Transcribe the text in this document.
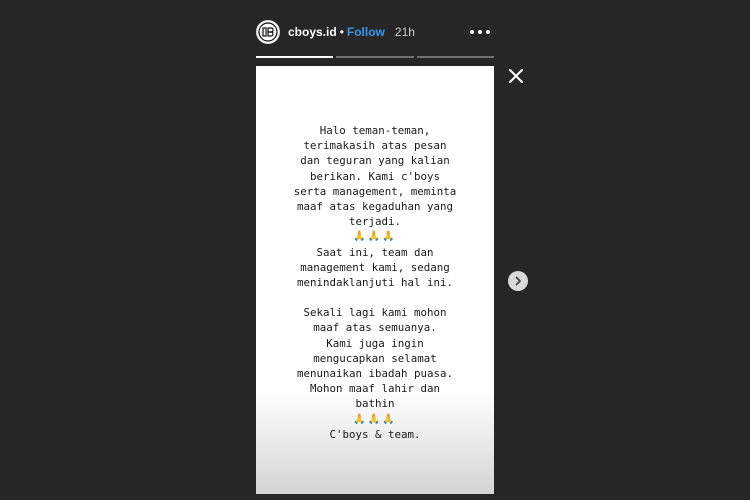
cboys.id • Follow 21h
Halo teman-teman,
terimakasih atas pesan
dan teguran yang kalian
berikan. Kami c'boys
serta management, meminta
maaf atas kegaduhan yang
terjadi.
🙏🙏🙏
Saat ini, team dan
management kami, sedang
menindaklanjuti hal ini.
Sekali lagi kami mohon
maaf atas semuanya.
Kami juga ingin
mengucapkan selamat
menunaikan ibadah puasa.
Mohon maaf lahir dan
bathin
🙏🙏🙏
C'boys & team.
